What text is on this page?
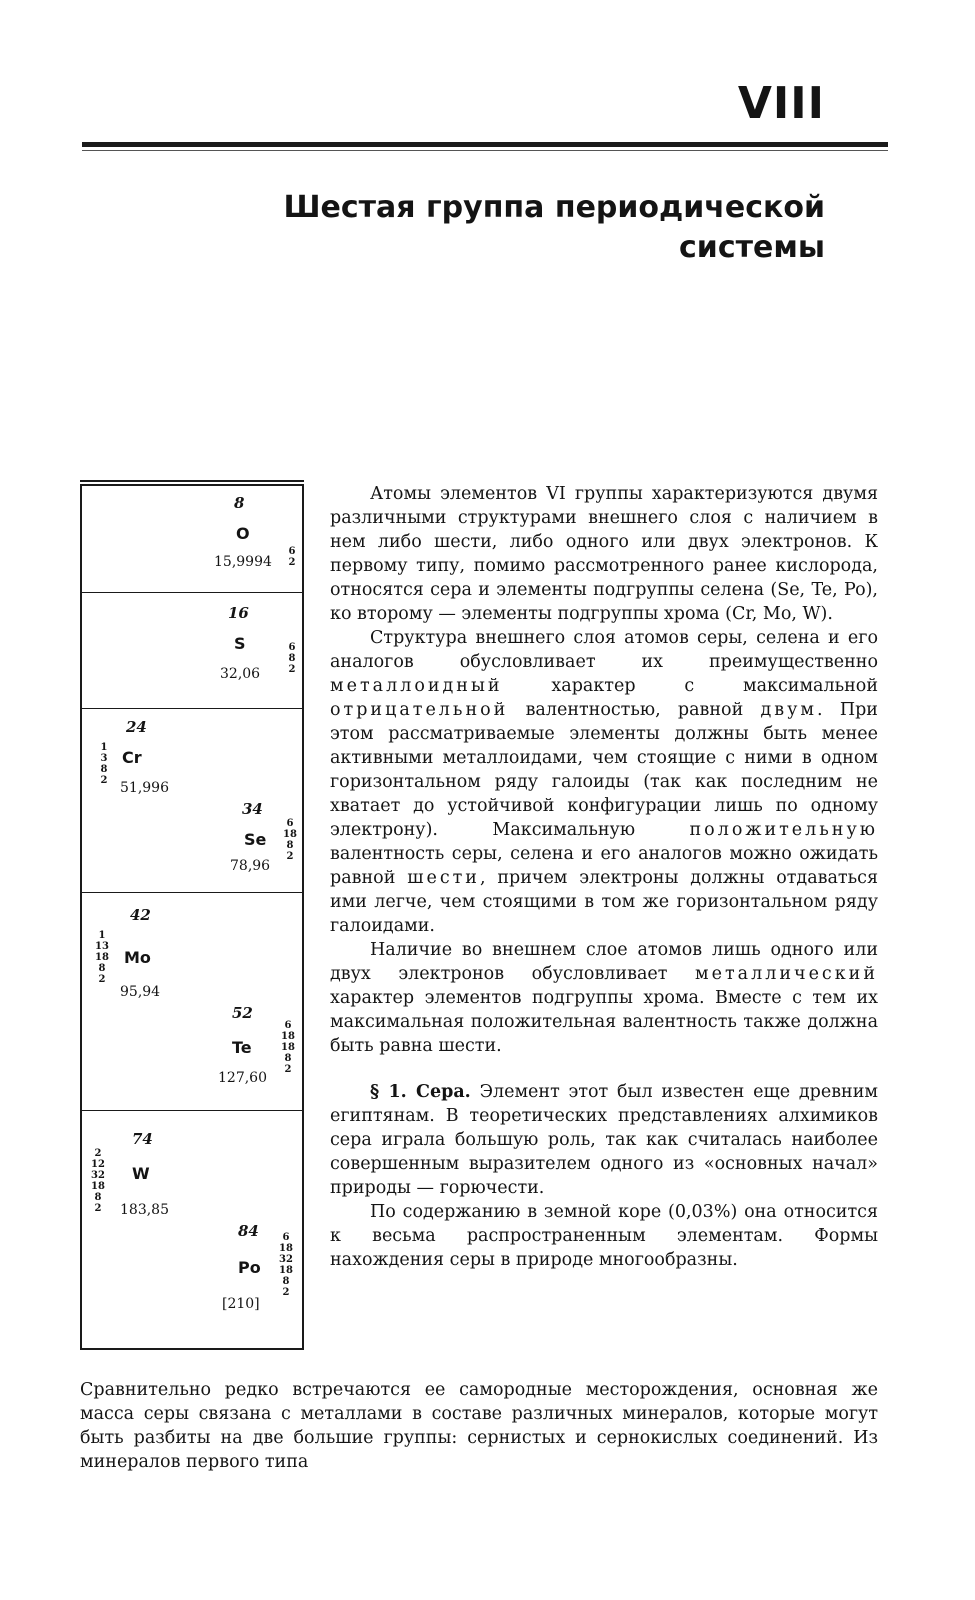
VIII
Шестая группа периодической
системы
8
O
15,9994
6
2
16
S
32,06
6
8
2
24
1
3
8
2
Cr
51,996
34
Se
78,96
6
18
8
2
42
1
13
18
8
2
Mo
95,94
52
Te
127,60
6
18
18
8
2
74
2
12
32
18
8
2
W
183,85
84
Po
[210]
6
18
32
18
8
2

Атомы элементов VI группы характеризуются двумя различными структурами внешнего слоя с наличием в нем либо шести, либо одного или двух электронов. К первому типу, помимо рассмотренного ранее кислорода, относятся сера и элементы подгруппы селена (Se, Te, Po), ко второму — элементы подгруппы хрома (Cr, Mo, W).

Структура внешнего слоя атомов серы, селена и его аналогов обусловливает их преимущественно металлоидный	характер с максимальной отрицательной валентностью, равной двум. При этом рассматриваемые элементы должны быть менее активными металлоидами, чем стоящие с ними в одном горизонтальном ряду галоиды (так как последним не хватает до устойчивой конфигурации лишь по одному электрону). Максимальную	положительную валентность серы, селена и его аналогов можно ожидать равной шести, причем электроны должны отдаваться ими легче, чем стоящими в том же горизонтальном ряду галоидами.

Наличие во внешнем слое атомов лишь одного или двух электронов обусловливает металлический характер элементов подгруппы хрома. Вместе с тем их максимальная положительная валентность также должна быть равна шести.

§ 1. Сера. Элемент этот был известен еще древним египтянам. В теоретических представлениях алхимиков сера играла большую роль, так как считалась наиболее совершенным выразителем одного из «основных начал» природы — горючести.

По содержанию в земной коре (0,03%) она относится к весьма распространенным элементам. Формы нахождения серы в природе многообразны.

Сравнительно редко встречаются ее самородные месторождения, основная же масса серы связана с металлами в составе различных минералов, которые могут быть разбиты на две большие группы: сернистых и сернокислых соединений. Из минералов первого типа
